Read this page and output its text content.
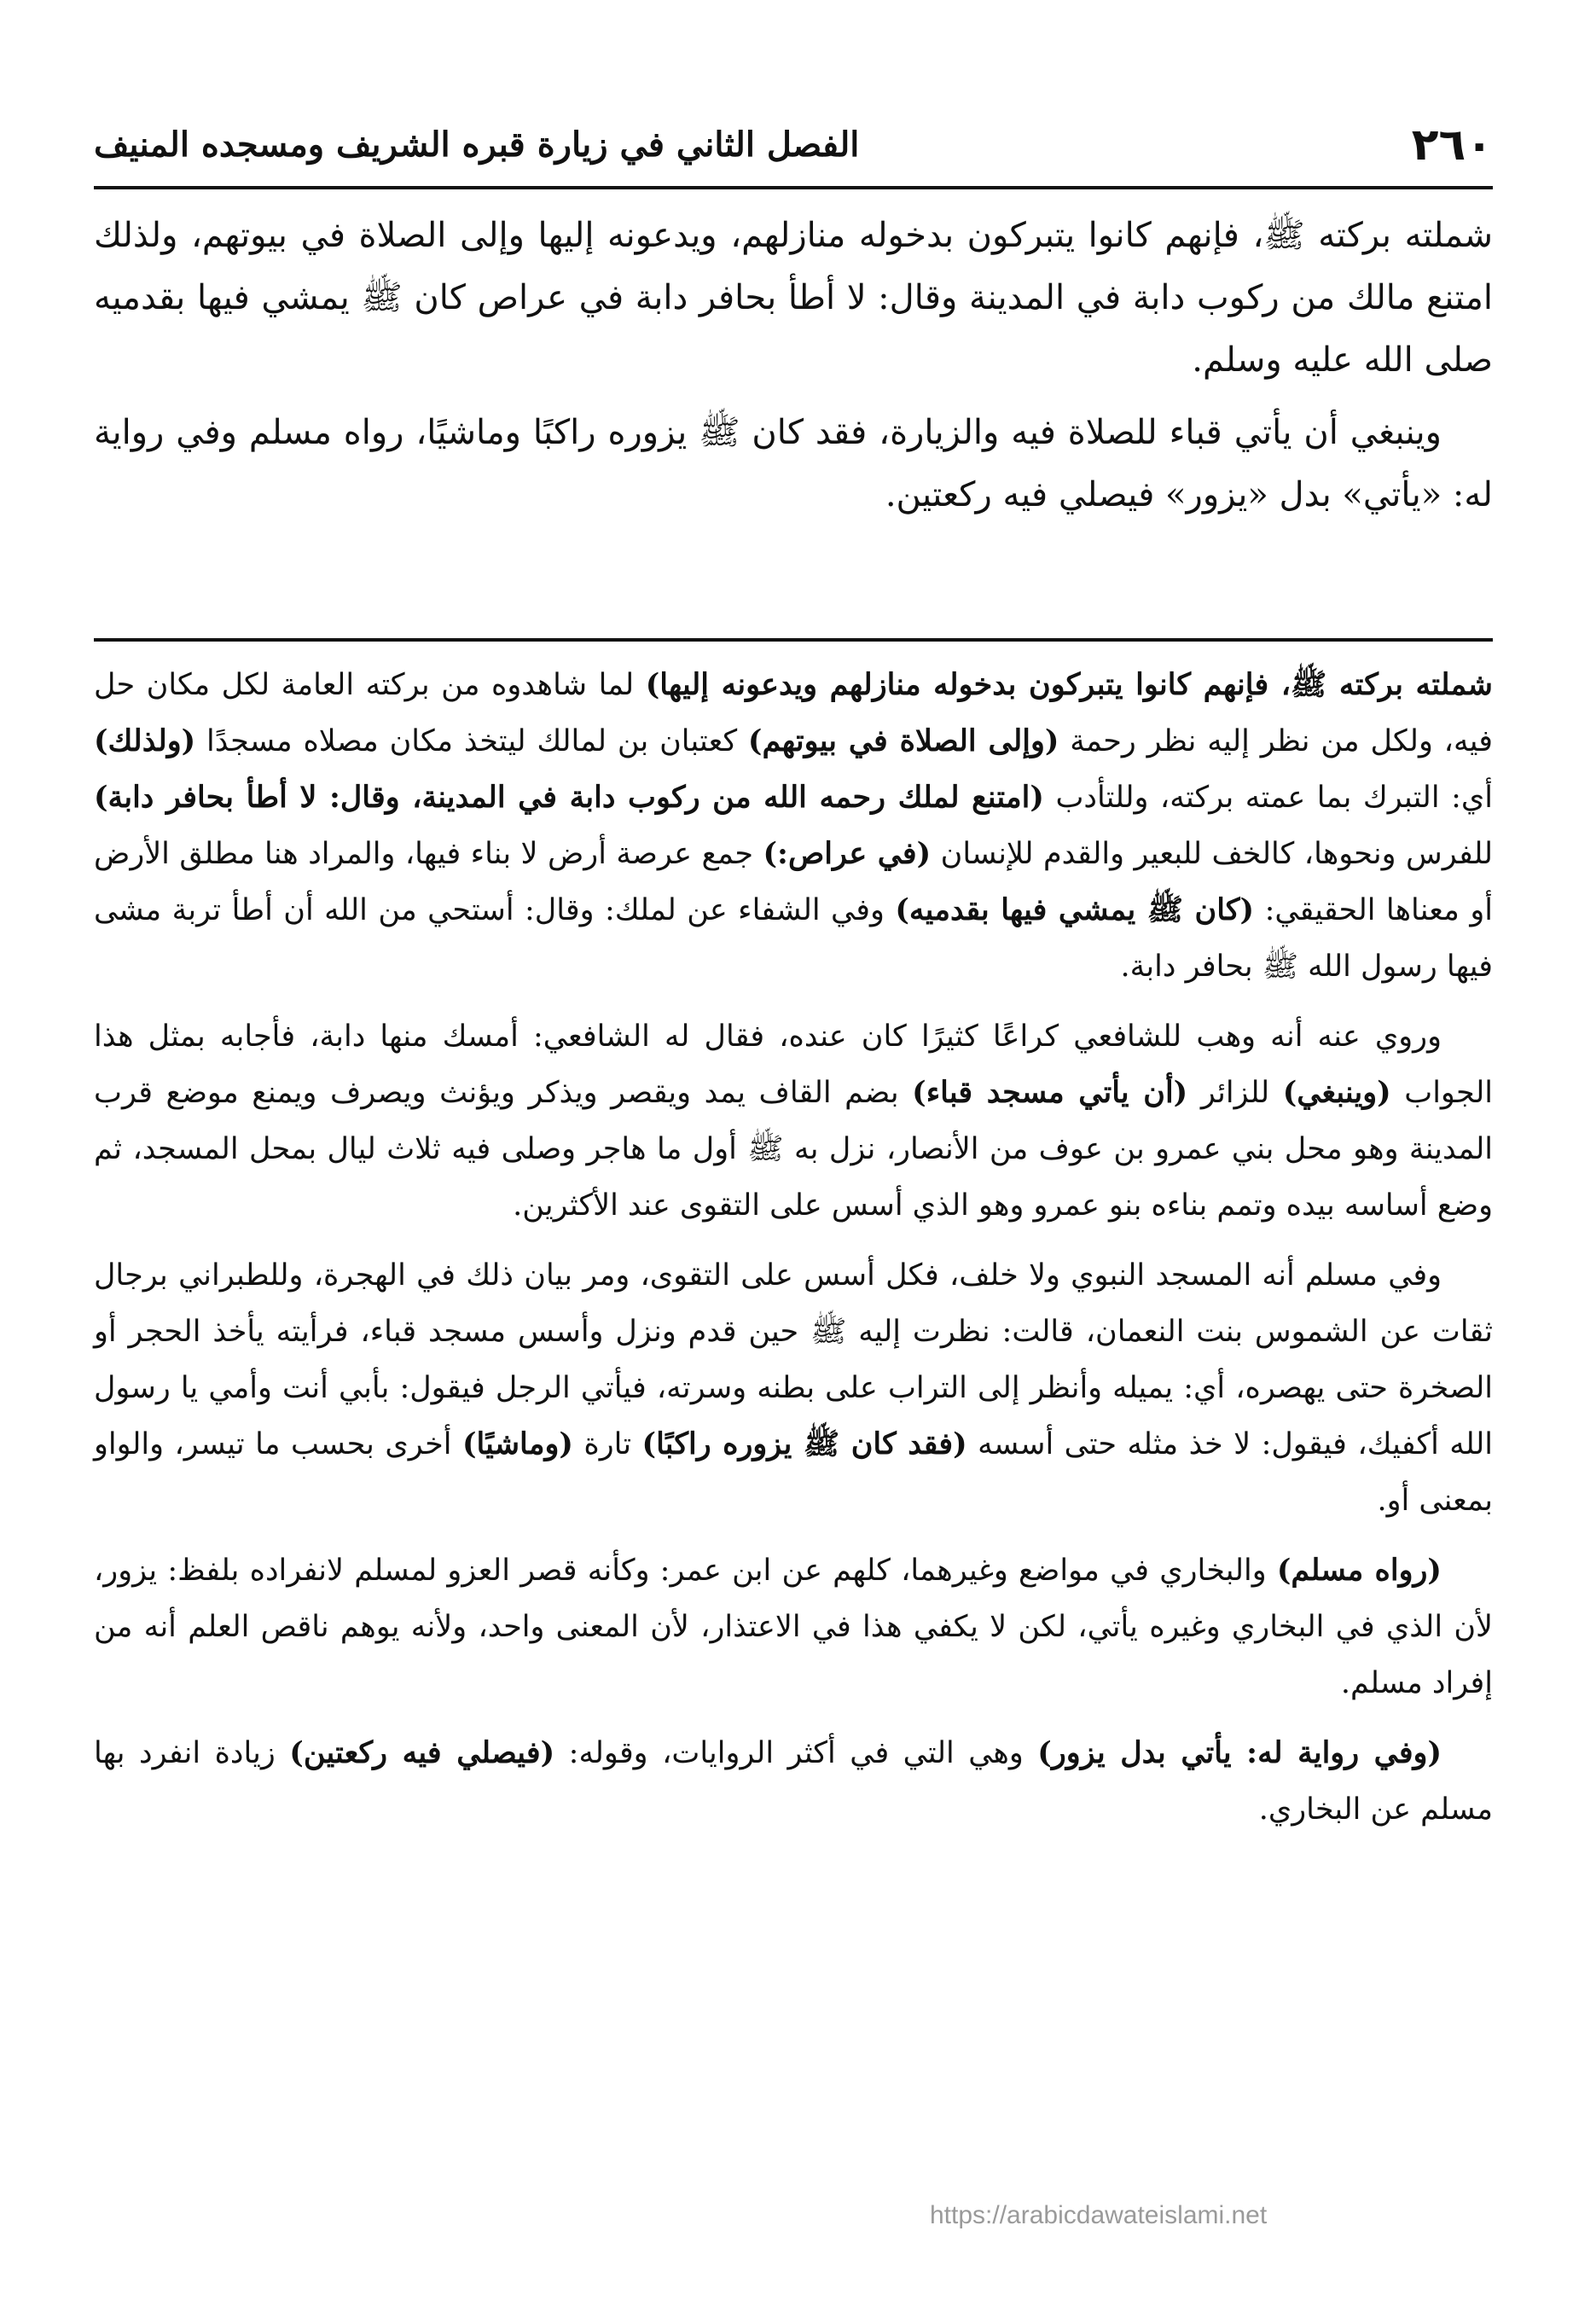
٢٦٠
الفصل الثاني في زيارة قبره الشريف ومسجده المنيف

شملته بركته ﷺ، فإنهم كانوا يتبركون بدخوله منازلهم، ويدعونه إليها وإلى الصلاة في بيوتهم، ولذلك امتنع مالك من ركوب دابة في المدينة وقال: لا أطأ بحافر دابة في عراص كان ﷺ يمشي فيها بقدميه صلى الله عليه وسلم.

وينبغي أن يأتي قباء للصلاة فيه والزيارة، فقد كان ﷺ يزوره راكبًا وماشيًا، رواه مسلم وفي رواية له: «يأتي» بدل «يزور» فيصلي فيه ركعتين.

شملته بركته ﷺ، فإنهم كانوا يتبركون بدخوله منازلهم ويدعونه إليها) لما شاهدوه من بركته العامة لكل مكان حل فيه، ولكل من نظر إليه نظر رحمة (وإلى الصلاة في بيوتهم) كعتبان بن لمالك ليتخذ مكان مصلاه مسجدًا (ولذلك) أي: التبرك بما عمته بركته، وللتأدب (امتنع لملك رحمه الله من ركوب دابة في المدينة، وقال: لا أطأ بحافر دابة) للفرس ونحوها، كالخف للبعير والقدم للإنسان (في عراص:) جمع عرصة أرض لا بناء فيها، والمراد هنا مطلق الأرض أو معناها الحقيقي: (كان ﷺ يمشي فيها بقدميه) وفي الشفاء عن لملك: وقال: أستحي من الله أن أطأ تربة مشى فيها رسول الله ﷺ بحافر دابة.

وروي عنه أنه وهب للشافعي كراعًا كثيرًا كان عنده، فقال له الشافعي: أمسك منها دابة، فأجابه بمثل هذا الجواب (وينبغي) للزائر (أن يأتي مسجد قباء) بضم القاف يمد ويقصر ويذكر ويؤنث ويصرف ويمنع موضع قرب المدينة وهو محل بني عمرو بن عوف من الأنصار، نزل به ﷺ أول ما هاجر وصلى فيه ثلاث ليال بمحل المسجد، ثم وضع أساسه بيده وتمم بناءه بنو عمرو وهو الذي أسس على التقوى عند الأكثرين.

وفي مسلم أنه المسجد النبوي ولا خلف، فكل أسس على التقوى، ومر بيان ذلك في الهجرة، وللطبراني برجال ثقات عن الشموس بنت النعمان، قالت: نظرت إليه ﷺ حين قدم ونزل وأسس مسجد قباء، فرأيته يأخذ الحجر أو الصخرة حتى يهصره، أي: يميله وأنظر إلى التراب على بطنه وسرته، فيأتي الرجل فيقول: بأبي أنت وأمي يا رسول الله أكفيك، فيقول: لا خذ مثله حتى أسسه (فقد كان ﷺ يزوره راكبًا) تارة (وماشيًا) أخرى بحسب ما تيسر، والواو بمعنى أو.

(رواه مسلم) والبخاري في مواضع وغيرهما، كلهم عن ابن عمر: وكأنه قصر العزو لمسلم لانفراده بلفظ: يزور، لأن الذي في البخاري وغيره يأتي، لكن لا يكفي هذا في الاعتذار، لأن المعنى واحد، ولأنه يوهم ناقص العلم أنه من إفراد مسلم.

(وفي رواية له: يأتي بدل يزور) وهي التي في أكثر الروايات، وقوله: (فيصلي فيه ركعتين) زيادة انفرد بها مسلم عن البخاري.

https://arabicdawateislami.net
